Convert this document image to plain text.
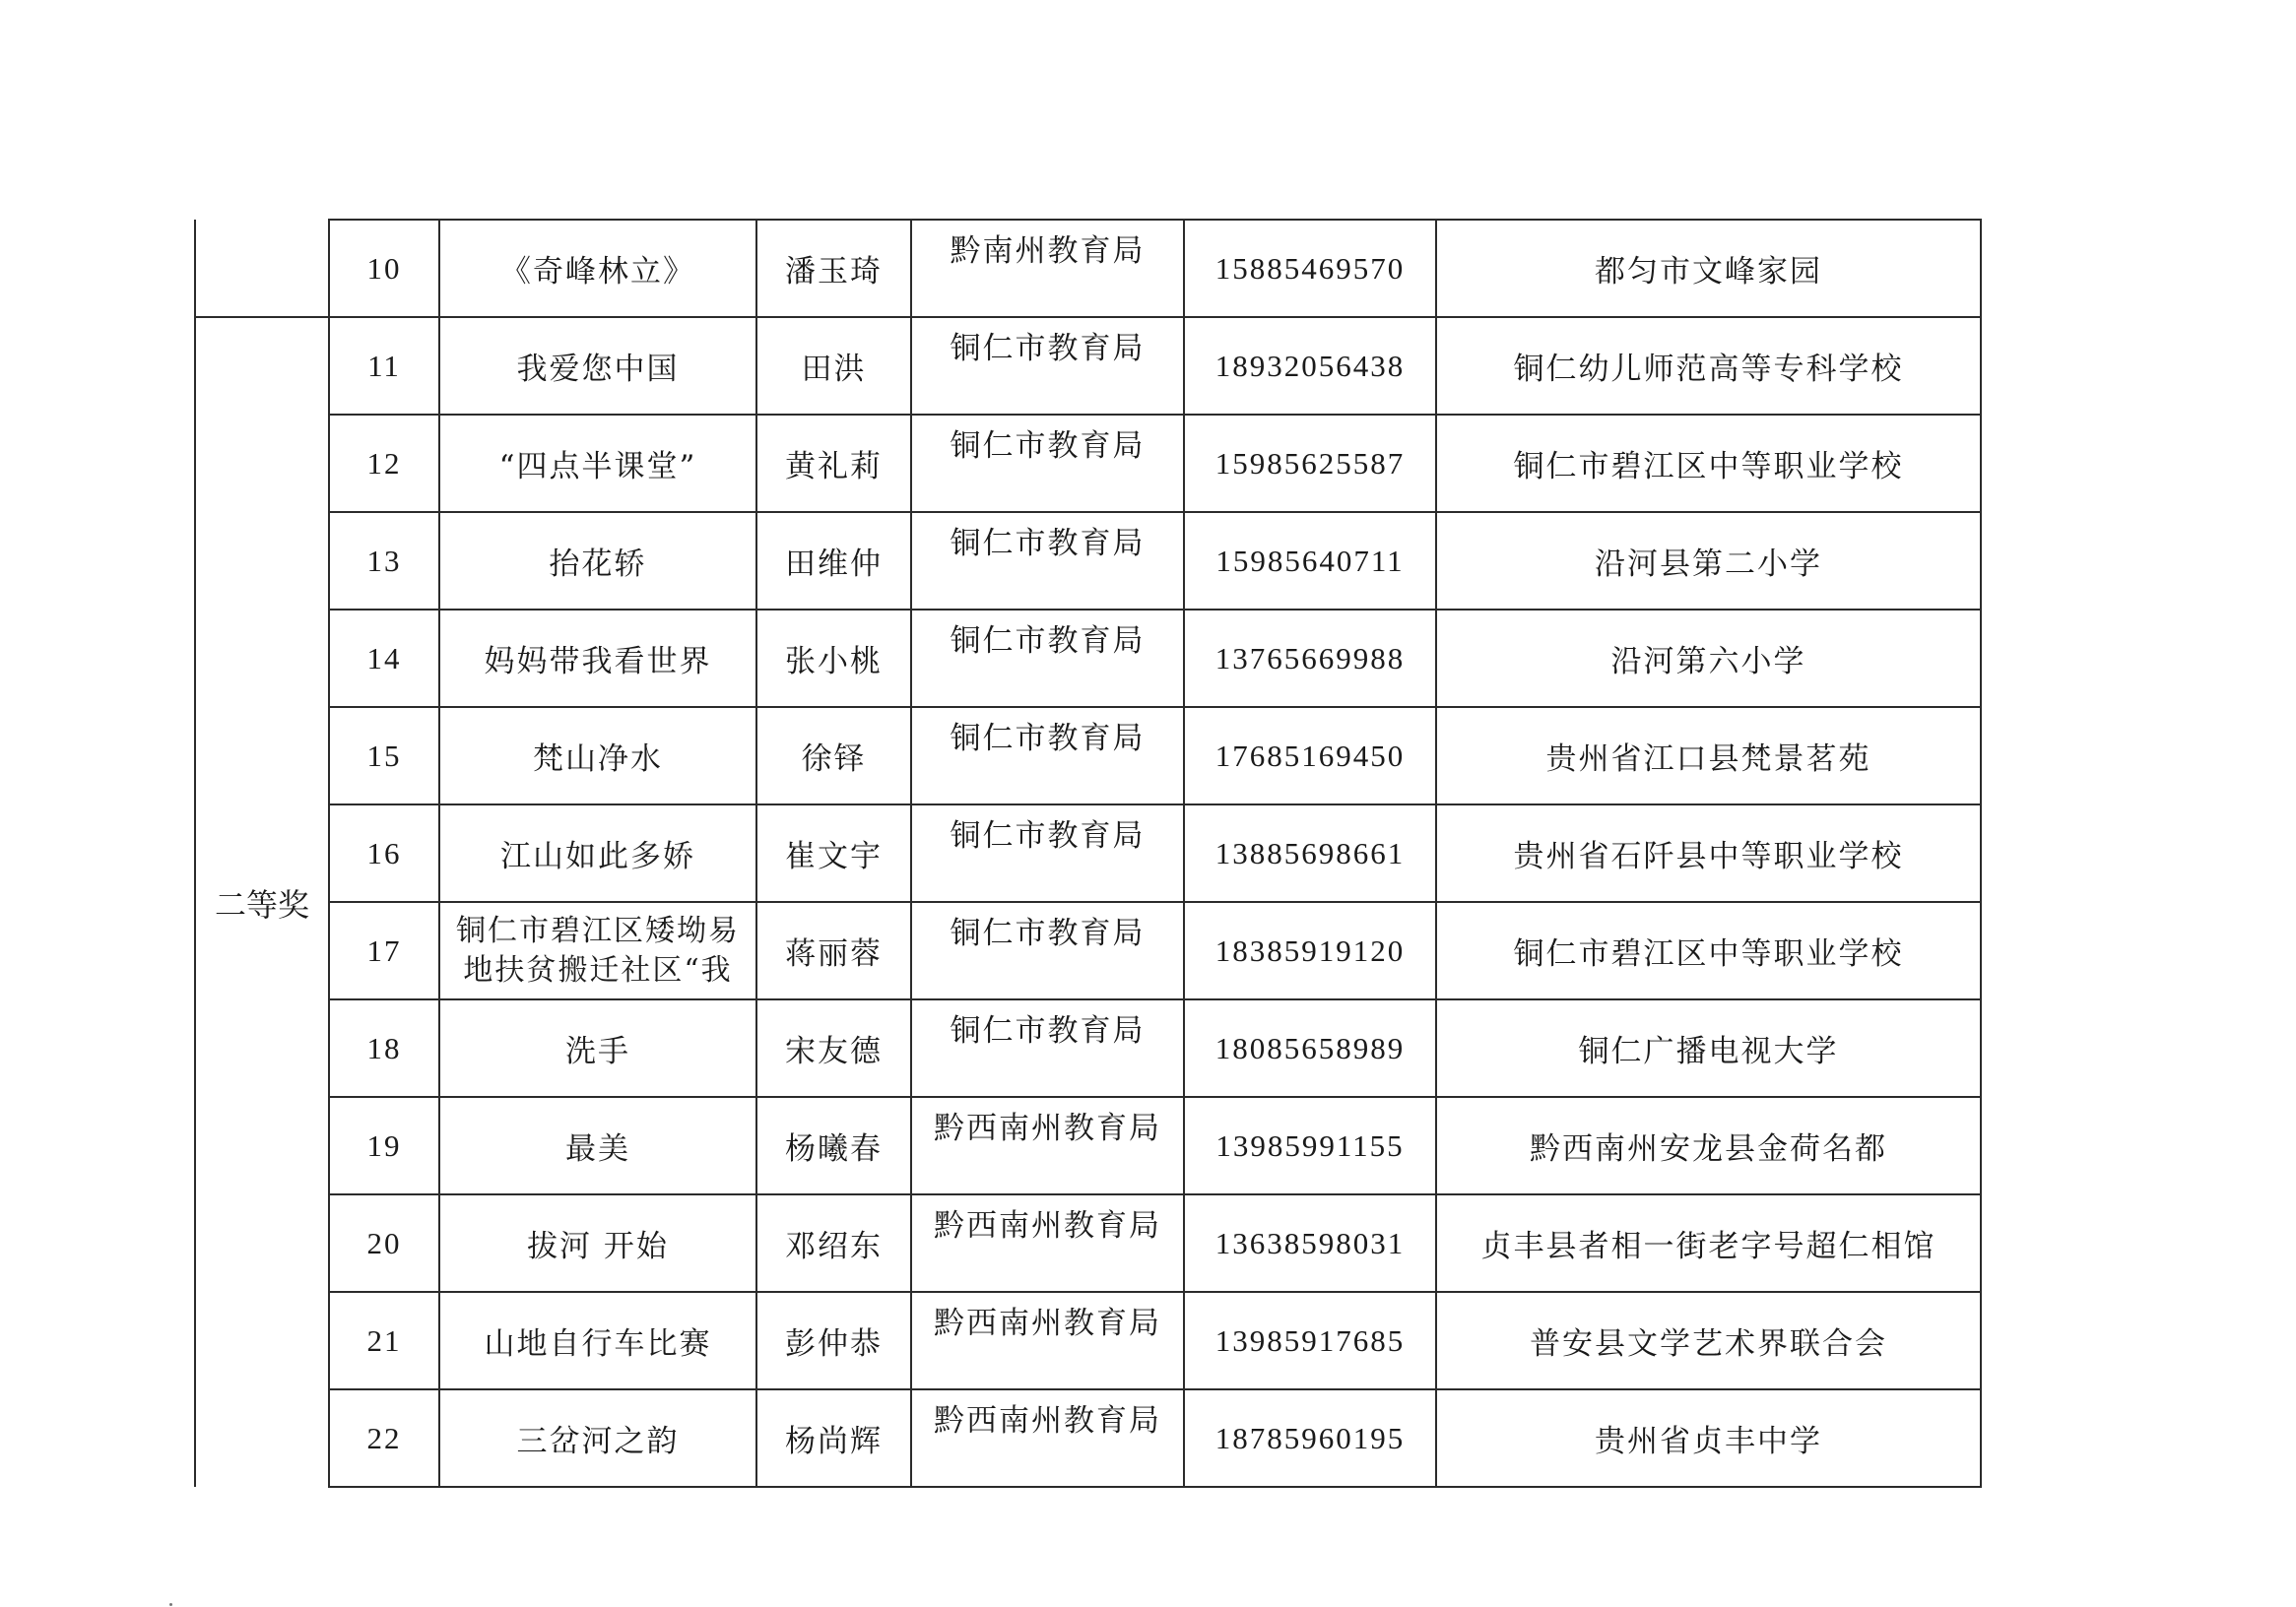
	10	《奇峰林立》	潘玉琦	黔南州教育局	15885469570	都匀市文峰家园
二等奖	11	我爱您中国	田洪	铜仁市教育局	18932056438	铜仁幼儿师范高等专科学校
	12	“四点半课堂”	黄礼莉	铜仁市教育局	15985625587	铜仁市碧江区中等职业学校
	13	抬花轿	田维仲	铜仁市教育局	15985640711	沿河县第二小学
	14	妈妈带我看世界	张小桃	铜仁市教育局	13765669988	沿河第六小学
	15	梵山净水	徐铎	铜仁市教育局	17685169450	贵州省江口县梵景茗苑
	16	江山如此多娇	崔文宇	铜仁市教育局	13885698661	贵州省石阡县中等职业学校
	17	铜仁市碧江区矮坳易
地扶贫搬迁社区“我	蒋丽蓉	铜仁市教育局	18385919120	铜仁市碧江区中等职业学校
	18	洗手	宋友德	铜仁市教育局	18085658989	铜仁广播电视大学
	19	最美	杨曦春	黔西南州教育局	13985991155	黔西南州安龙县金荷名都
	20	拔河 开始	邓绍东	黔西南州教育局	13638598031	贞丰县者相一街老字号超仁相馆
	21	山地自行车比赛	彭仲恭	黔西南州教育局	13985917685	普安县文学艺术界联合会
	22	三岔河之韵	杨尚辉	黔西南州教育局	18785960195	贵州省贞丰中学
